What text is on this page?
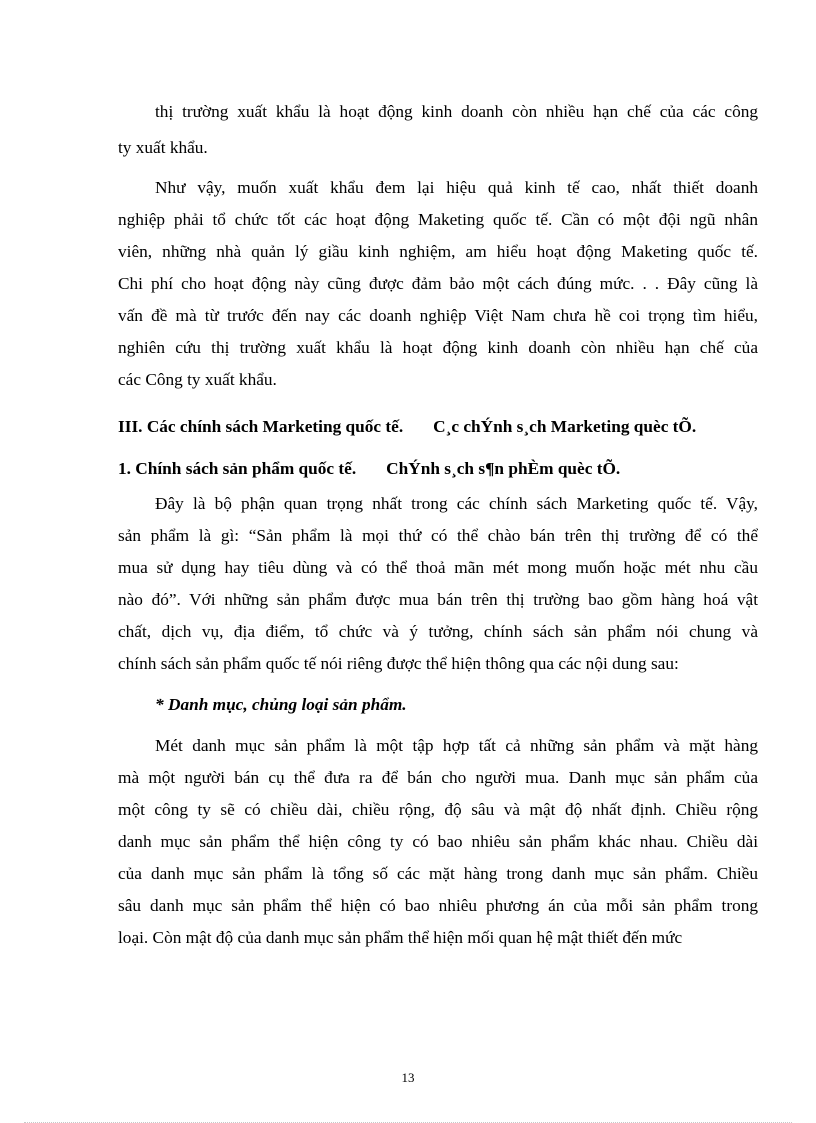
thị trường xuất khẩu là hoạt động kinh doanh còn nhiều hạn chế của các công
ty xuất khẩu.
Như vậy, muốn xuất khẩu đem lại hiệu quả kinh tế cao, nhất thiết doanh
nghiệp phải tổ chức tốt các hoạt động Maketing quốc tế. Cần có một đội ngũ nhân
viên, những nhà quản lý giầu kinh nghiệm, am hiểu hoạt động Maketing quốc tế.
Chi phí cho hoạt động này cũng được đảm bảo một cách đúng mức. . . Đây cũng là
vấn đề mà từ trước đến nay các doanh nghiệp Việt Nam chưa hề coi trọng tìm hiểu,
nghiên cứu thị trường xuất khẩu là hoạt động kinh doanh còn nhiều hạn chế của
các Công ty xuất khẩu.
III. Các chính sách Marketing quốc tế. C¸c chÝnh s¸ch Marketing quèc tÕ.
1. Chính sách sản phẩm quốc tế. ChÝnh s¸ch s¶n phÈm quèc tÕ.
Đây là bộ phận quan trọng nhất trong các chính sách Marketing quốc tế. Vậy,
sản phẩm là gì: “Sản phẩm là mọi thứ có thể chào bán trên thị trường để có thể
mua sử dụng hay tiêu dùng và có thể thoả mãn mét mong muốn hoặc mét nhu cầu
nào đó”. Với những sản phẩm được mua bán trên thị trường bao gồm hàng hoá vật
chất, dịch vụ, địa điểm, tổ chức và ý tưởng, chính sách sản phẩm nói chung và
chính sách sản phẩm quốc tế nói riêng được thể hiện thông qua các nội dung sau:
* Danh mục, chủng loại sản phẩm.
Mét danh mục sản phẩm là một tập hợp tất cả những sản phẩm và mặt hàng
mà một người bán cụ thể đưa ra để bán cho người mua. Danh mục sản phẩm của
một công ty sẽ có chiều dài, chiều rộng, độ sâu và mật độ nhất định. Chiều rộng
danh mục sản phẩm thể hiện công ty có bao nhiêu sản phẩm khác nhau. Chiều dài
của danh mục sản phẩm là tổng số các mặt hàng trong danh mục sản phẩm. Chiều
sâu danh mục sản phẩm thể hiện có bao nhiêu phương án của mỗi sản phẩm trong
loại. Còn mật độ của danh mục sản phẩm thể hiện mối quan hệ mật thiết đến mức
13
